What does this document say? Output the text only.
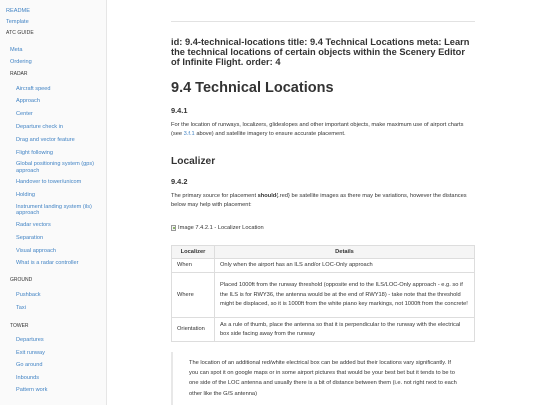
README
Template
ATC GUIDE
Meta
Ordering
RADAR
Aircraft speed
Approach
Center
Departure check in
Drag and vector feature
Flight following
Global positioning system (gps) approach
Handover to tower/unicom
Holding
Instrument landing system (ils) approach
Radar vectors
Separation
Visual approach
What is a radar controller
GROUND
Pushback
Taxi
TOWER
Departures
Exit runway
Go around
Inbounds
Pattern work
id: 9.4-technical-locations title: 9.4 Technical Locations meta: Learn the technical locations of certain objects within the Scenery Editor of Infinite Flight. order: 4
9.4 Technical Locations
9.4.1

For the location of runways, localizers, glideslopes and other important objects, make maximum use of airport charts (see 3.f.1 above) and satellite imagery to ensure accurate placement.

Localizer
9.4.2

The primary source for placement should{.red} be satellite images as there may be variations, however the distances below may help with placement:

Image 7.4.2.1 - Localizer Location
Localizer	Details
When	Only when the airport has an ILS and/or LOC-Only approach
Where	Placed 1000ft from the runway threshold (opposite end to the ILS/LOC-Only approach - e.g. so if the ILS is for RWY36, the antenna would be at the end of RWY18) - take note that the threshold might be displaced, so it is 1000ft from the white piano key markings, not 1000ft from the concrete!
Orientation	As a rule of thumb, place the antenna so that it is perpendicular to the runway with the electrical box side facing away from the runway
The location of an additional red/white electrical box can be added but their locations vary significantly. If you can spot it on google maps or in some airport pictures that would be your best bet but it tends to be to one side of the LOC antenna and usually there is a bit of distance between them (i.e. not right next to each other like the G/S antenna)
